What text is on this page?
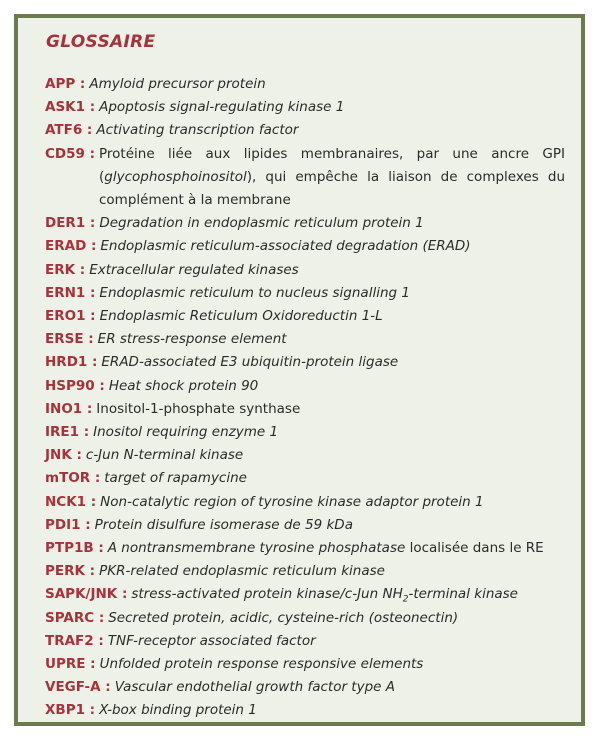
GLOSSAIRE
APP : Amyloid precursor protein
ASK1 : Apoptosis signal-regulating kinase 1
ATF6 : Activating transcription factor
CD59 : Protéine liée aux lipides membranaires, par une ancre GPI (glycophosphoinositol), qui empêche la liaison de complexes du complément à la membrane
DER1 : Degradation in endoplasmic reticulum protein 1
ERAD : Endoplasmic reticulum-associated degradation (ERAD)
ERK : Extracellular regulated kinases
ERN1 : Endoplasmic reticulum to nucleus signalling 1
ERO1 : Endoplasmic Reticulum Oxidoreductin 1-L
ERSE : ER stress-response element
HRD1 : ERAD-associated E3 ubiquitin-protein ligase
HSP90 : Heat shock protein 90
INO1 : Inositol-1-phosphate synthase
IRE1 : Inositol requiring enzyme 1
JNK : c-Jun N-terminal kinase
mTOR : target of rapamycine
NCK1 : Non-catalytic region of tyrosine kinase adaptor protein 1
PDI1 : Protein disulfure isomerase de 59 kDa
PTP1B : A nontransmembrane tyrosine phosphatase localisée dans le RE
PERK : PKR-related endoplasmic reticulum kinase
SAPK/JNK : stress-activated protein kinase/c-Jun $NH_2$-terminal kinase
SPARC : Secreted protein, acidic, cysteine-rich (osteonectin)
TRAF2 : TNF-receptor associated factor
UPRE : Unfolded protein response responsive elements
VEGF-A : Vascular endothelial growth factor type A
XBP1 : X-box binding protein 1
